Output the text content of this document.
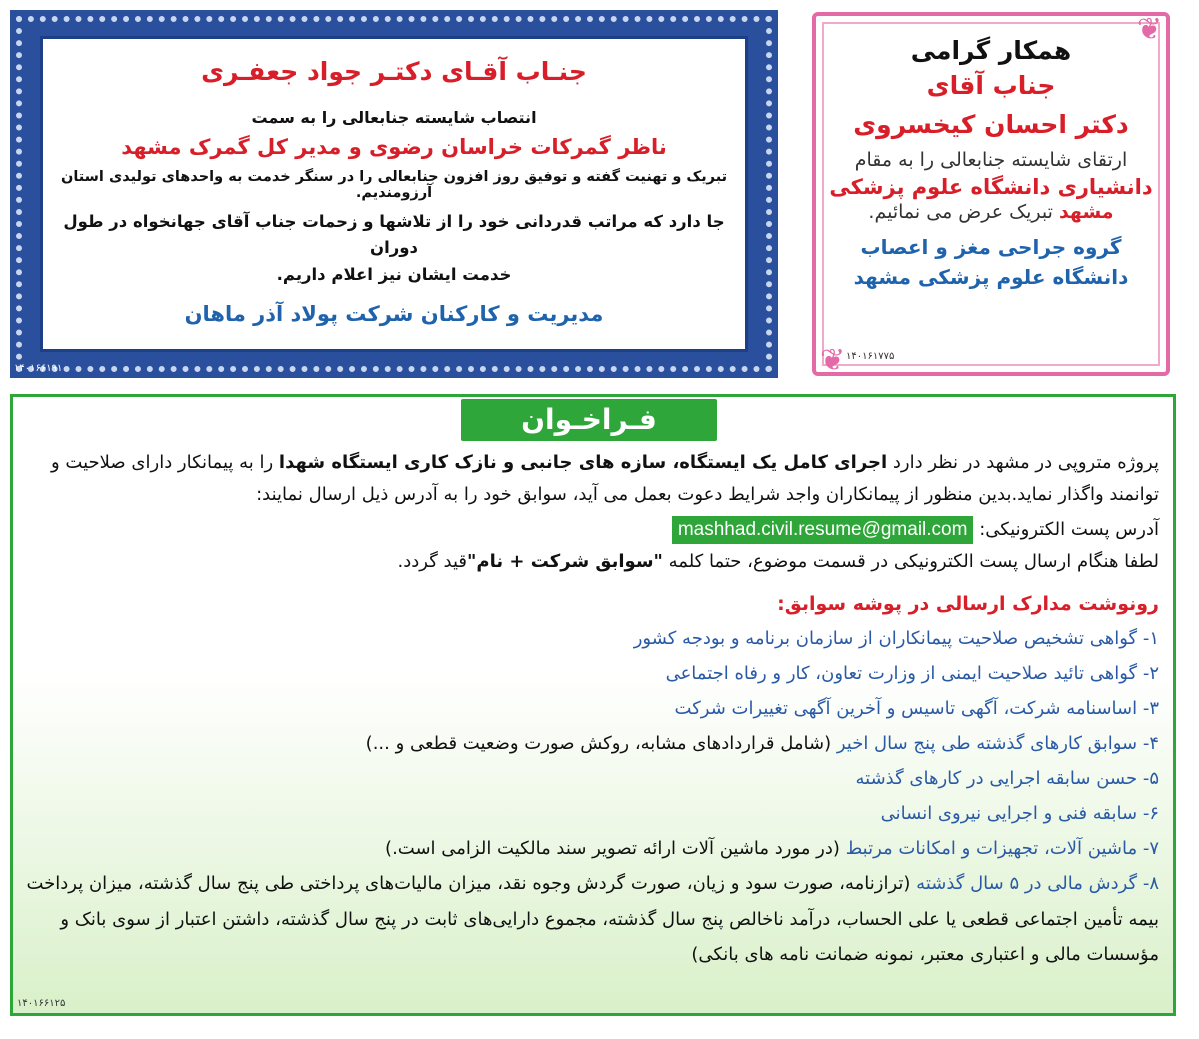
جنـاب آقـای دکتـر جواد جعفـری
انتصاب شایسته جنابعالی را به سمت
ناظر گمرکات خراسان رضوی و مدیر کل گمرک مشهد
تبریک و تهنیت گفته و توفیق روز افزون جنابعالی را در سنگر خدمت به واحدهای تولیدی استان آرزومندیم.
جا دارد که مراتب قدردانی خود را از تلاشها و زحمات جناب آقای جهانخواه در طول دوران
خدمت ایشان نیز اعلام داریم.
مدیریت و کارکنان شرکت پولاد آذر ماهان
۱۴۰۱۶۶۱۹۱
❦
❦
همکار گرامی
جناب آقای
دکتر احسان کیخسروی
ارتقای شایسته جنابعالی را به مقام
دانشیاری دانشگاه علوم پزشکی
مشهد تبریک عرض می نمائیم.
گروه جراحی مغز و اعصاب
دانشگاه علوم پزشکی مشهد
۱۴۰۱۶۱۷۷۵
فـراخـوان
پروژه متروپی در مشهد در نظر دارد اجرای کامل یک ایستگاه، سازه های جانبی و نازک کاری ایستگاه شهدا را به پیمانکار دارای صلاحیت و توانمند واگذار نماید.بدین منظور از پیمانکاران واجد شرایط دعوت بعمل می آید، سوابق خود را به آدرس ذیل ارسال نمایند:
آدرس پست الکترونیکی: mashhad.civil.resume@gmail.com
لطفا هنگام ارسال پست الکترونیکی در قسمت موضوع، حتما کلمه "سوابق شرکت + نام"قید گردد.
رونوشت مدارک ارسالی در پوشه سوابق:
۱- گواهی تشخیص صلاحیت پیمانکاران از سازمان برنامه و بودجه کشور
۲- گواهی تائید صلاحیت ایمنی از وزارت تعاون، کار و رفاه اجتماعی
۳- اساسنامه شرکت، آگهی تاسیس و آخرین آگهی تغییرات شرکت
۴- سوابق کارهای گذشته طی پنج سال اخیر (شامل قراردادهای مشابه، روکش صورت وضعیت قطعی و ...)
۵- حسن سابقه اجرایی در کارهای گذشته
۶- سابقه فنی و اجرایی نیروی انسانی
۷- ماشین آلات، تجهیزات و امکانات مرتبط (در مورد ماشین آلات ارائه تصویر سند مالکیت الزامی است.)
۸- گردش مالی در ۵ سال گذشته (ترازنامه، صورت سود و زیان، صورت گردش وجوه نقد، میزان مالیات‌های پرداختی طی پنج سال گذشته، میزان پرداخت بیمه تأمین اجتماعی قطعی یا علی الحساب، درآمد ناخالص پنج سال گذشته، مجموع دارایی‌های ثابت در پنج سال گذشته، داشتن اعتبار از سوی بانک و مؤسسات مالی و اعتباری معتبر، نمونه ضمانت نامه های بانکی)
۱۴۰۱۶۶۱۲۵
